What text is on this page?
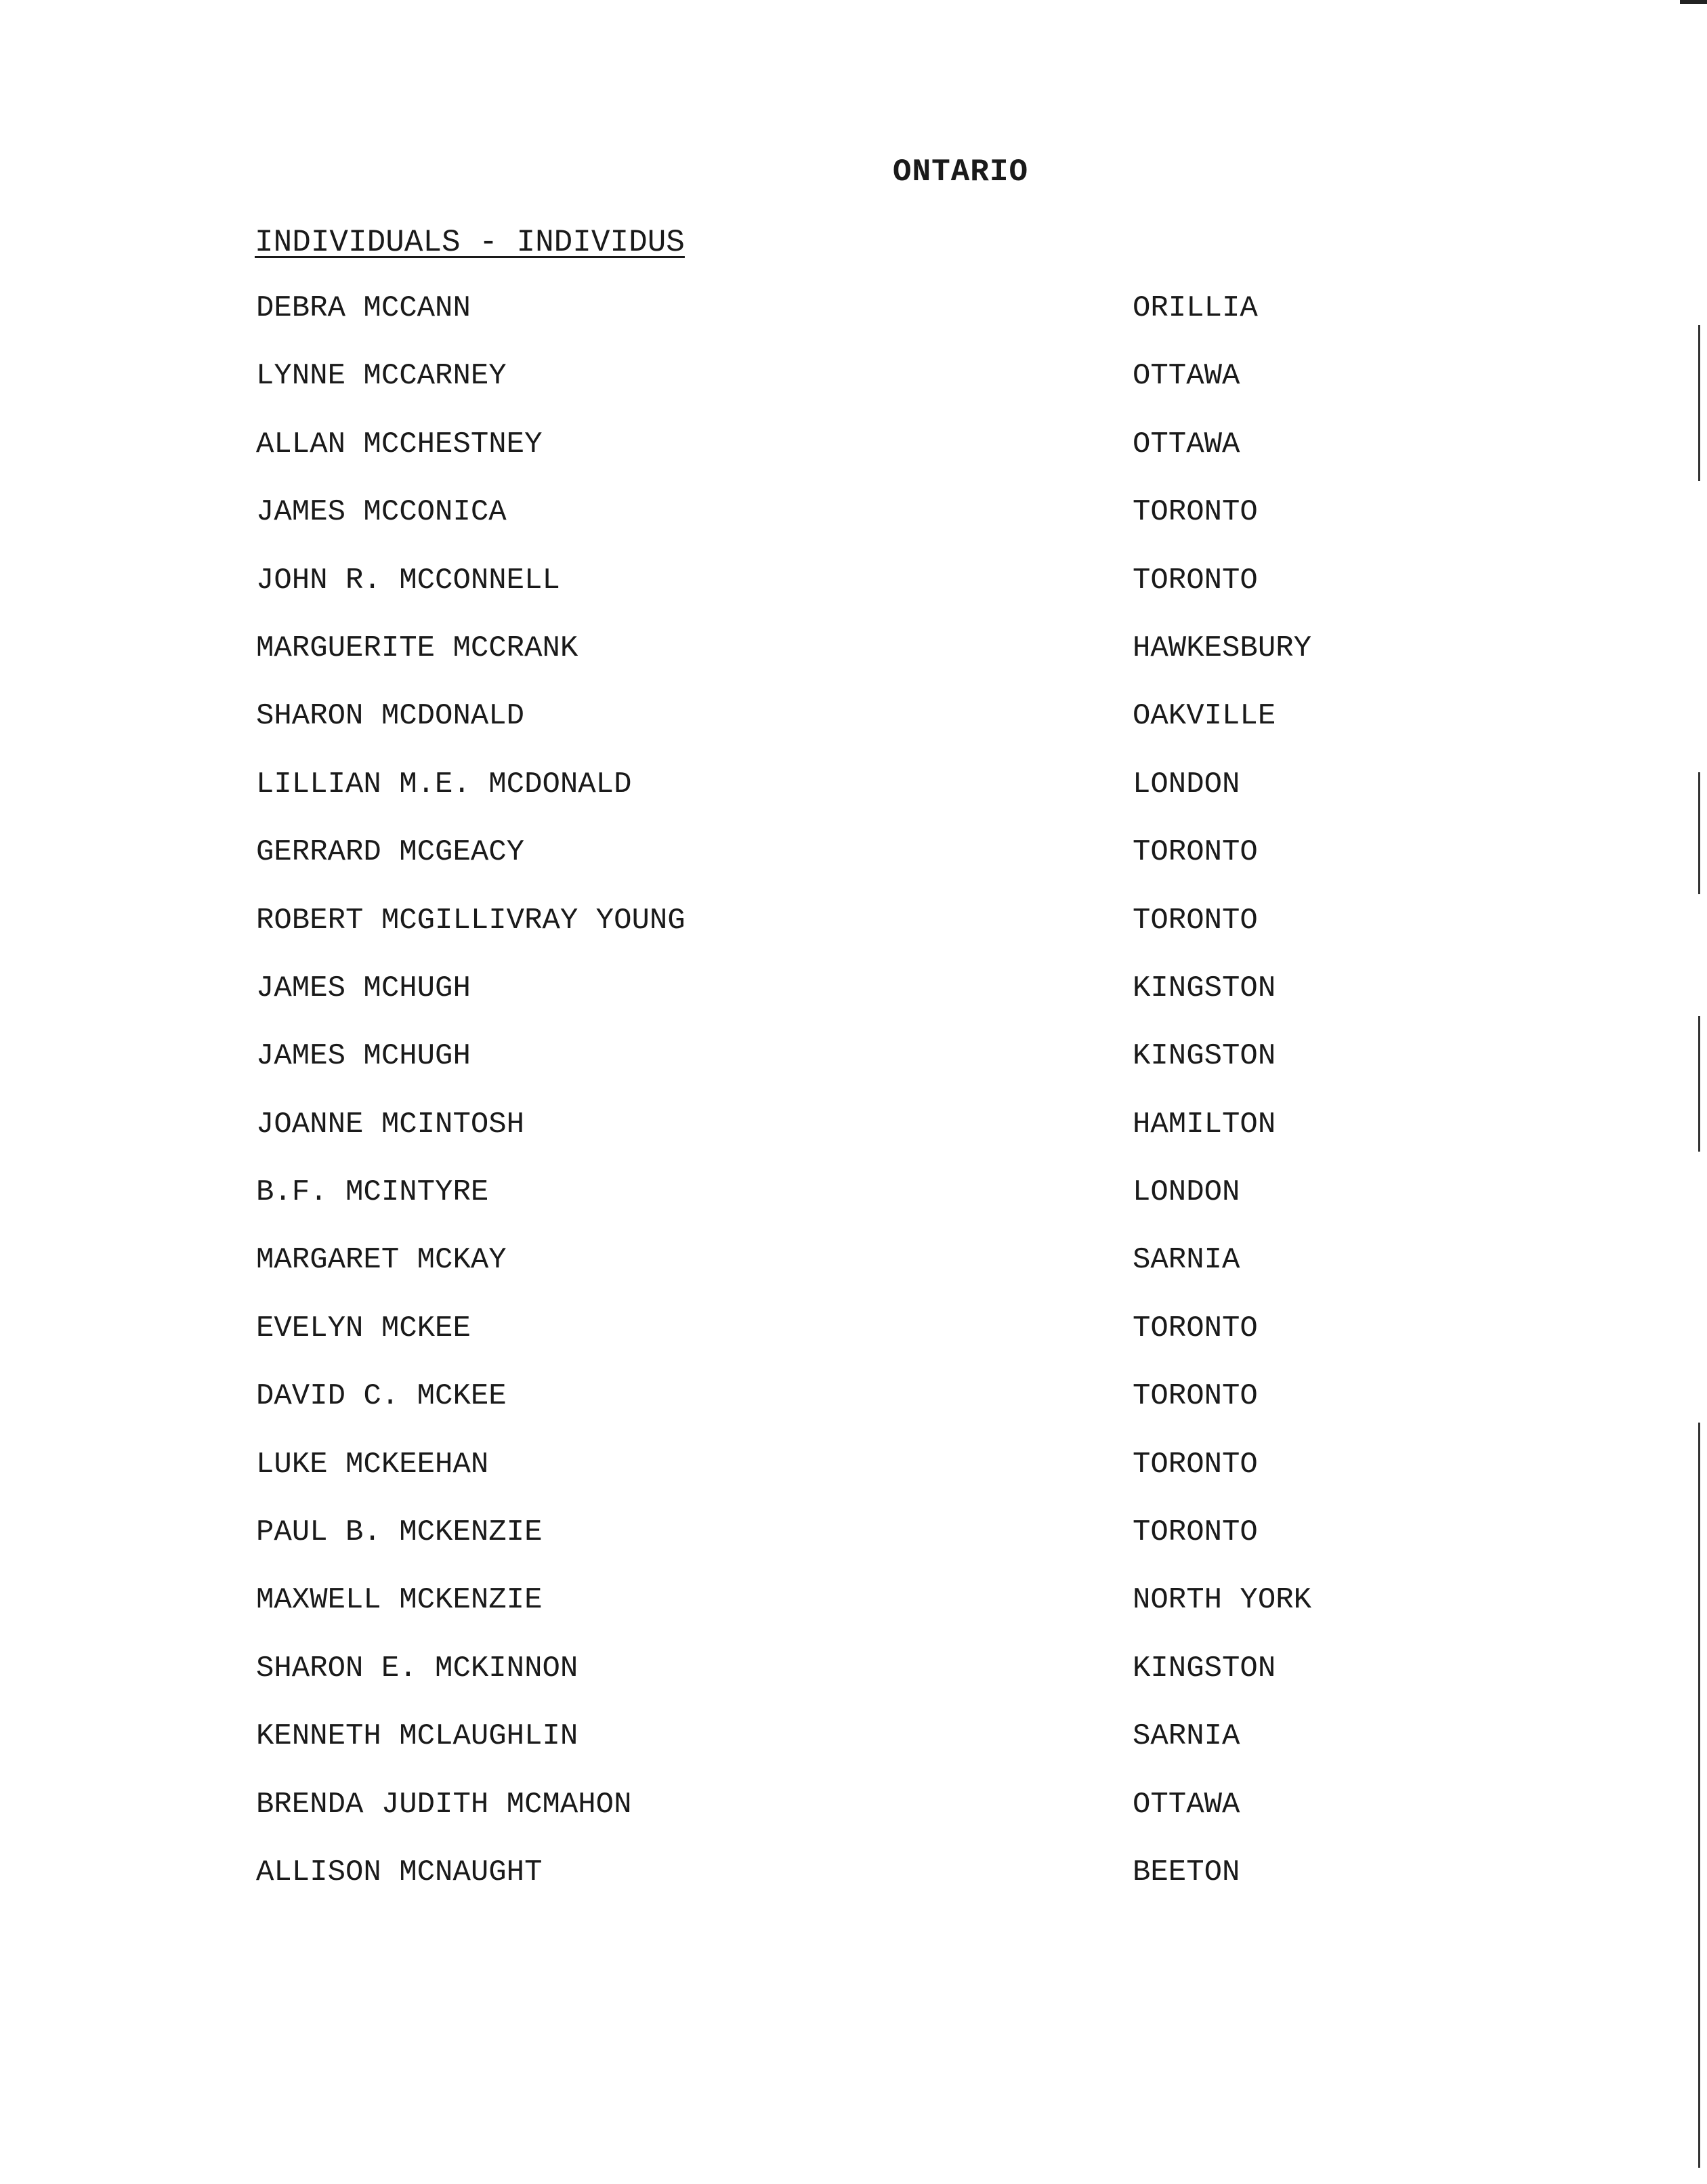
ONTARIO
INDIVIDUALS - INDIVIDUS
DEBRA MCCANN	ORILLIA
LYNNE MCCARNEY	OTTAWA
ALLAN MCCHESTNEY	OTTAWA
JAMES MCCONICA	TORONTO
JOHN R. MCCONNELL	TORONTO
MARGUERITE MCCRANK	HAWKESBURY
SHARON MCDONALD	OAKVILLE
LILLIAN M.E. MCDONALD	LONDON
GERRARD MCGEACY	TORONTO
ROBERT MCGILLIVRAY YOUNG	TORONTO
JAMES MCHUGH	KINGSTON
JAMES MCHUGH	KINGSTON
JOANNE MCINTOSH	HAMILTON
B.F. MCINTYRE	LONDON
MARGARET MCKAY	SARNIA
EVELYN MCKEE	TORONTO
DAVID C. MCKEE	TORONTO
LUKE MCKEEHAN	TORONTO
PAUL B. MCKENZIE	TORONTO
MAXWELL MCKENZIE	NORTH YORK
SHARON E. MCKINNON	KINGSTON
KENNETH MCLAUGHLIN	SARNIA
BRENDA JUDITH MCMAHON	OTTAWA
ALLISON MCNAUGHT	BEETON
